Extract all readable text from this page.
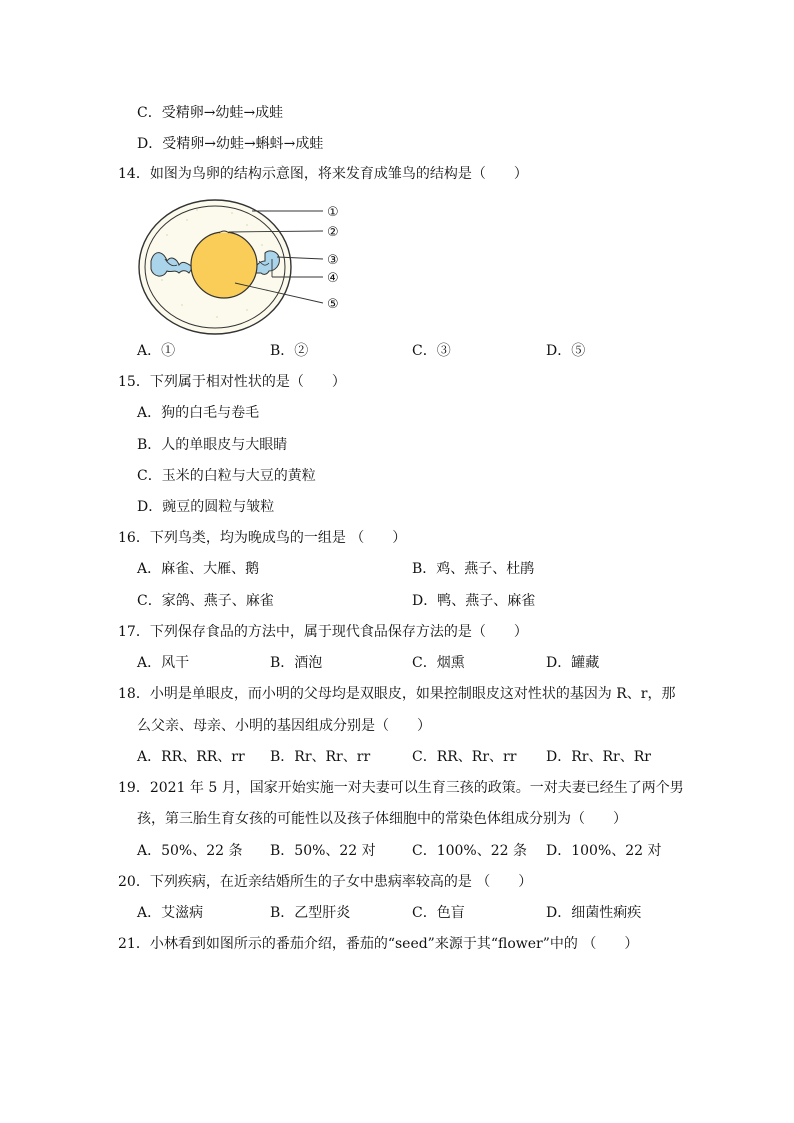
C．受精卵→幼蛙→成蛙
D．受精卵→幼蛙→蝌蚪→成蛙
14．如图为鸟卵的结构示意图，将来发育成雏鸟的结构是（　　）
①
②
③
④
⑤
A．①	B．②	C．③	D．⑤
15．下列属于相对性状的是（　　）
A．狗的白毛与卷毛
B．人的单眼皮与大眼睛
C．玉米的白粒与大豆的黄粒
D．豌豆的圆粒与皱粒
16．下列鸟类，均为晚成鸟的一组是 （　　）
A．麻雀、大雁、鹅	B．鸡、燕子、杜鹃
C．家鸽、燕子、麻雀	D．鸭、燕子、麻雀
17．下列保存食品的方法中，属于现代食品保存方法的是（　　）
A．风干	B．酒泡	C．烟熏	D．罐藏
18．小明是单眼皮，而小明的父母均是双眼皮，如果控制眼皮这对性状的基因为 R、r，那
么父亲、母亲、小明的基因组成分别是（　　）
A．RR、RR、rr B．Rr、Rr、rr	C．RR、Rr、rr D．Rr、Rr、Rr
19．2021 年 5 月，国家开始实施一对夫妻可以生育三孩的政策。一对夫妻已经生了两个男
孩，第三胎生育女孩的可能性以及孩子体细胞中的常染色体组成分别为（　　）
A．50%、22 条 B．50%、22 对	C．100%、22 条 D．100%、22 对
20．下列疾病，在近亲结婚所生的子女中患病率较高的是 （　　）
A．艾滋病	B．乙型肝炎	C．色盲	D．细菌性痢疾
21．小林看到如图所示的番茄介绍，番茄的“seed”来源于其“flower”中的 （　　）
